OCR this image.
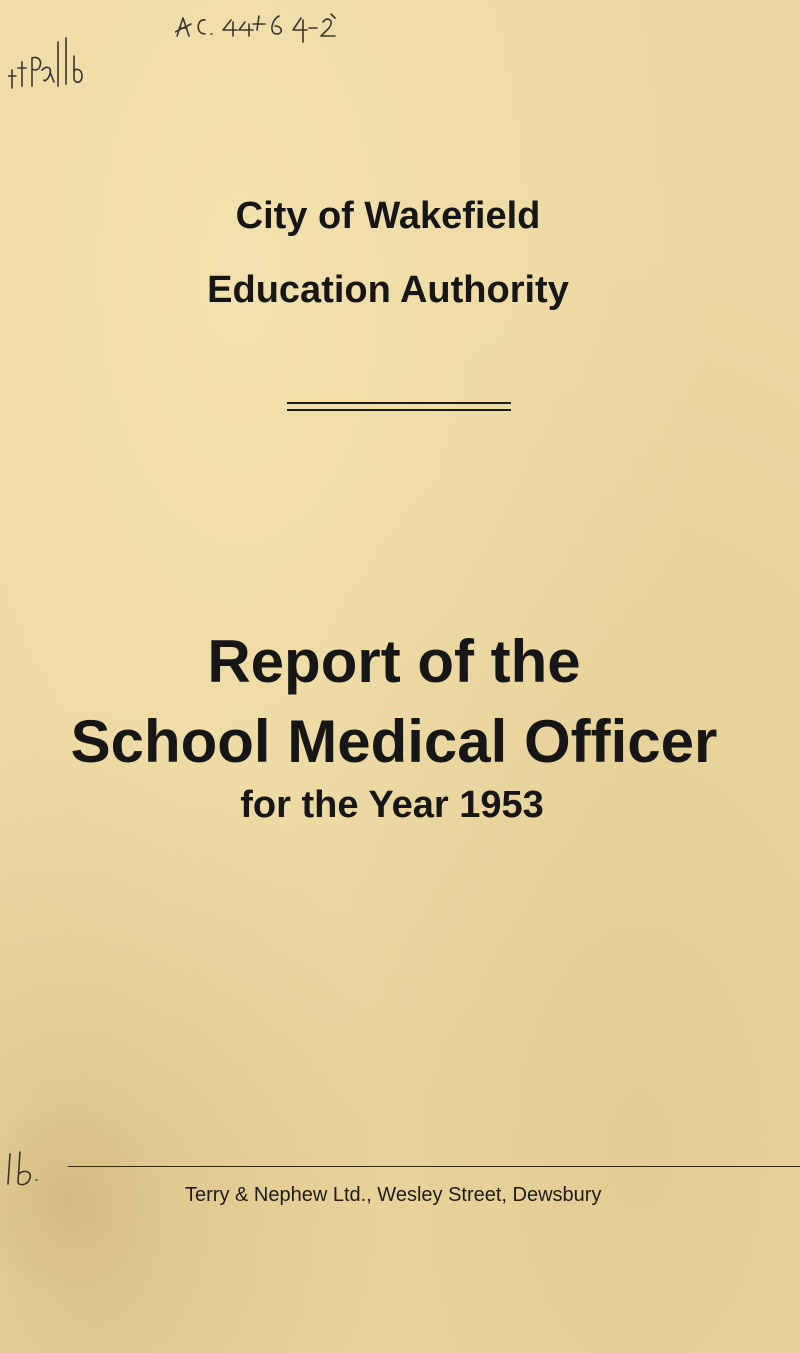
City of Wakefield
Education Authority
Report of the
School Medical Officer
for the Year 1953
Terry & Nephew Ltd., Wesley Street, Dewsbury
